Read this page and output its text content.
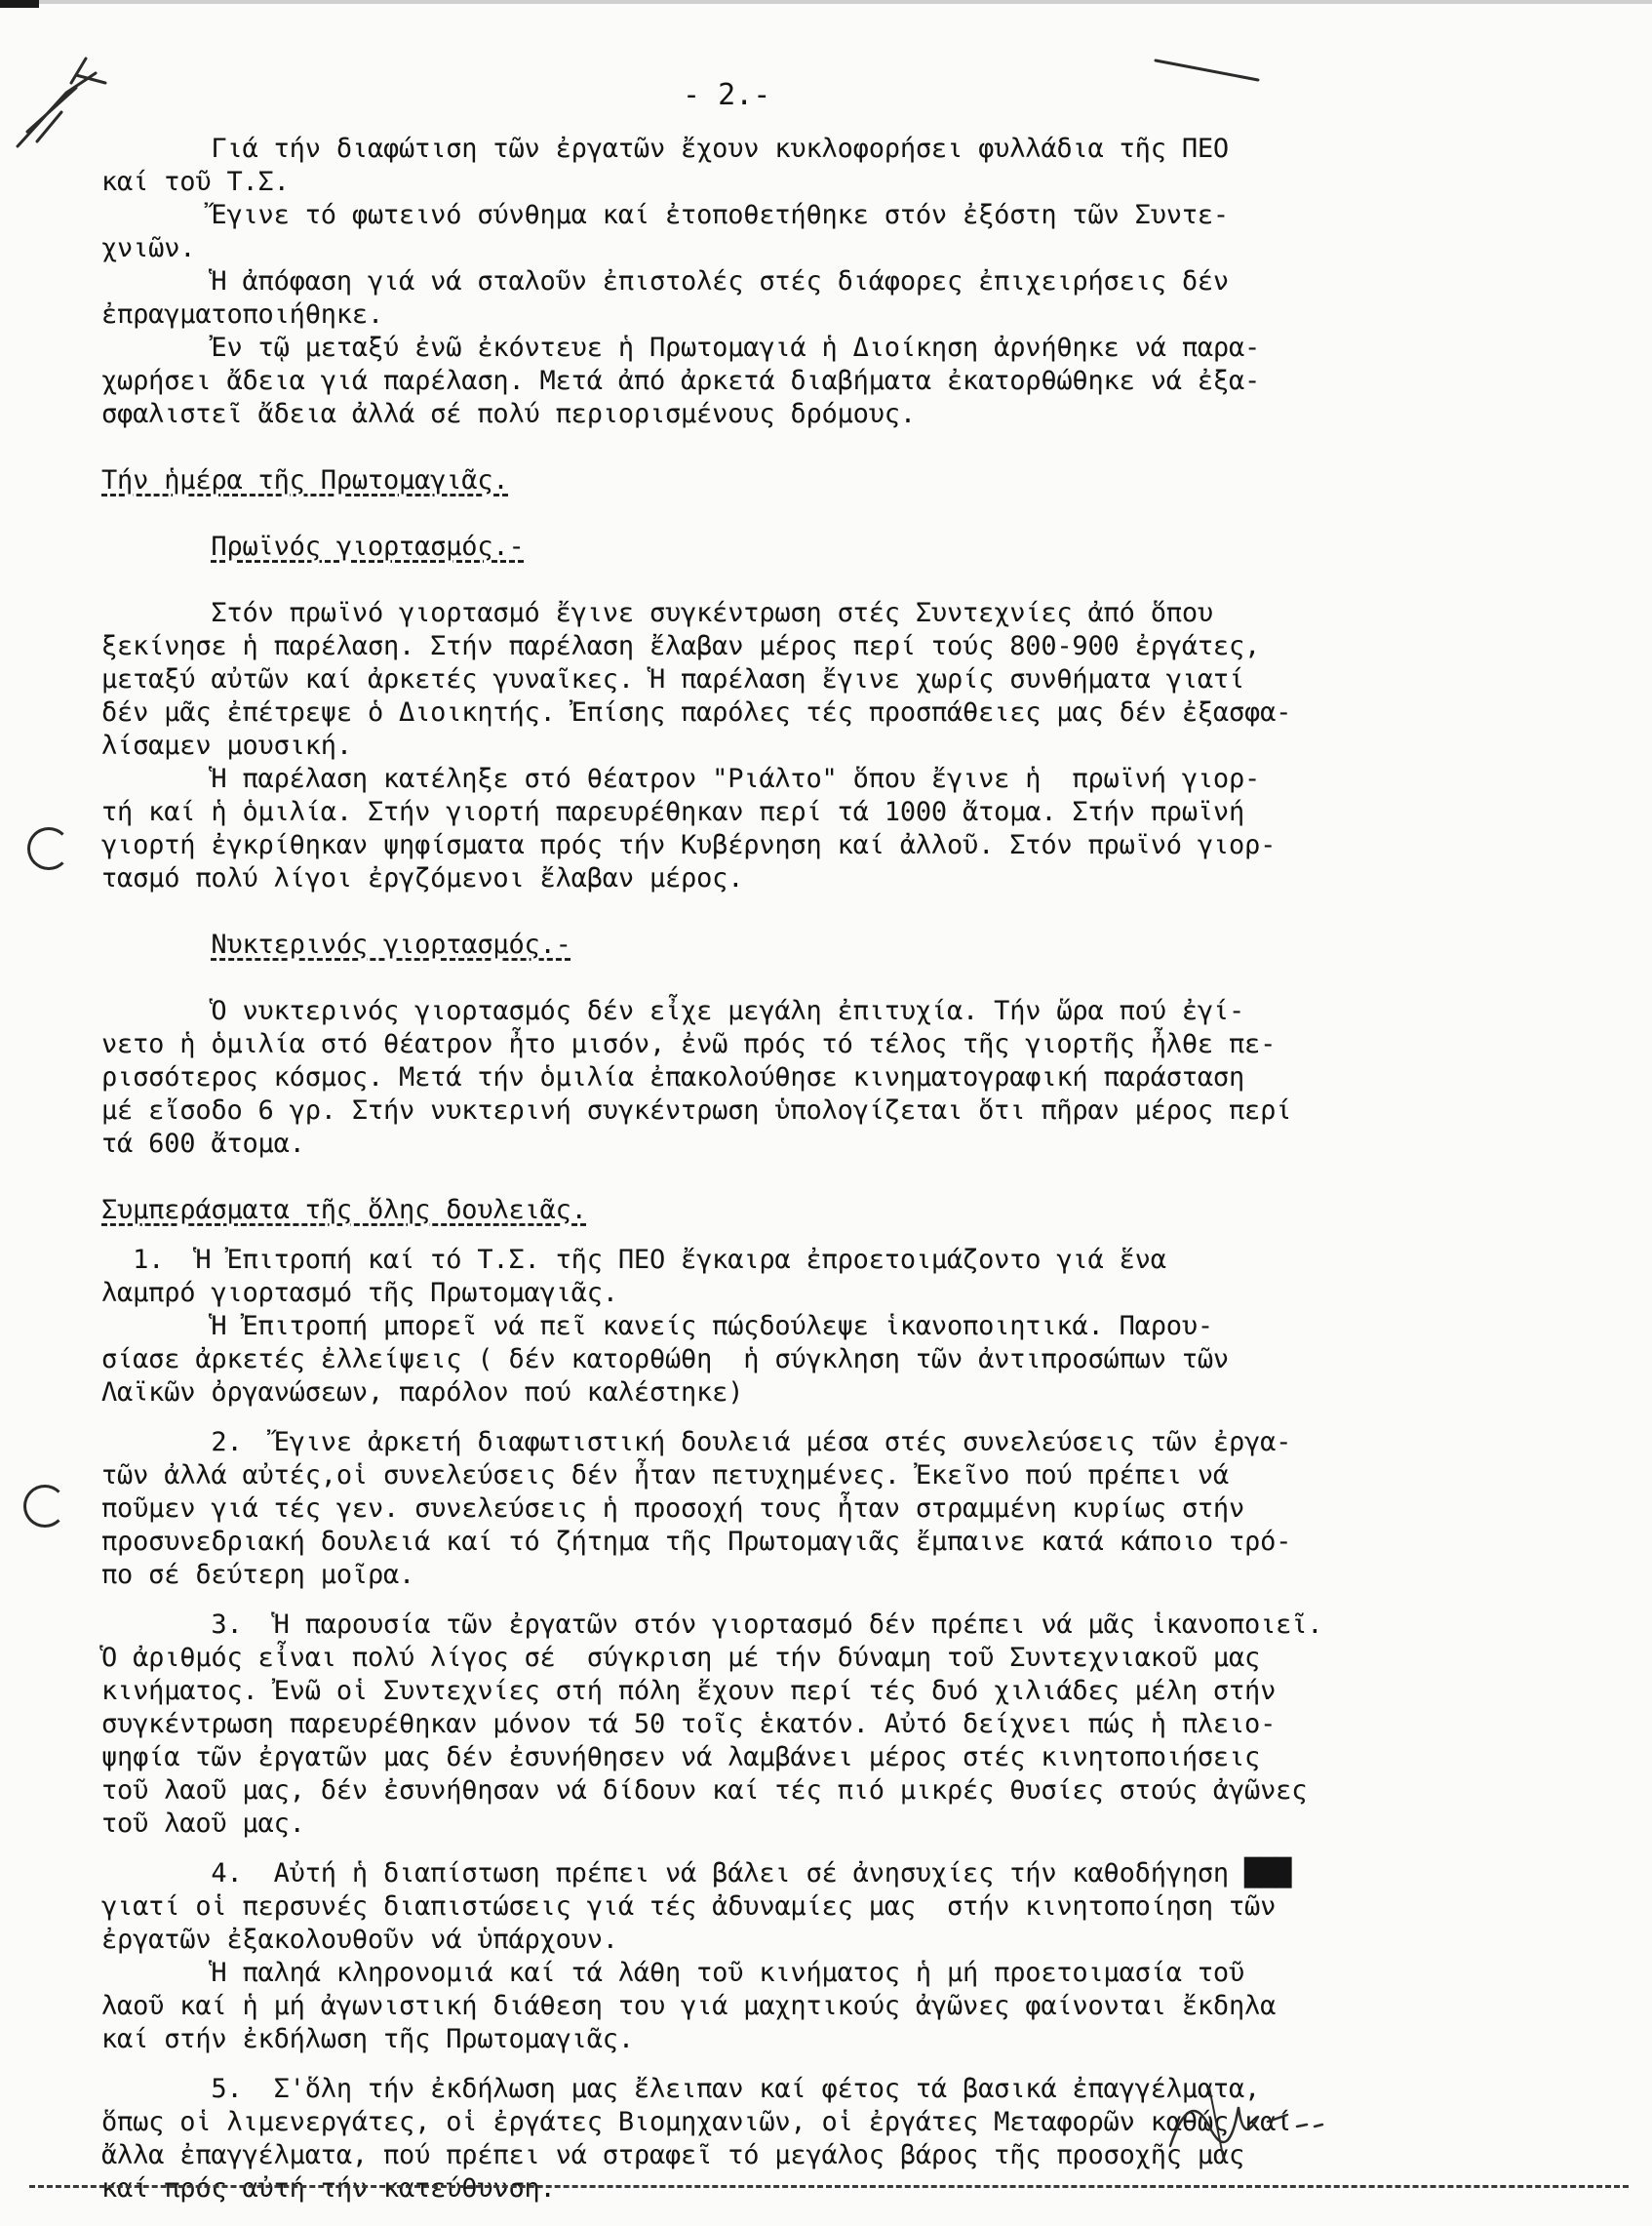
- 2.-
Γιά τήν διαφώτιση τῶν ἐργατῶν ἔχουν κυκλοφορήσει φυλλάδια τῆς ΠΕΟ
καί τοῦ Τ.Σ.
Ἔγινε τό φωτεινό σύνθημα καί ἐτοποθετήθηκε στόν ἐξόστη τῶν Συντε-
χνιῶν.
Ἡ ἀπόφαση γιά νά σταλοῦν ἐπιστολές στές διάφορες ἐπιχειρήσεις δέν
ἐπραγματοποιήθηκε.
Ἐν τῷ μεταξύ ἐνῶ ἐκόντευε ἡ Πρωτομαγιά ἡ Διοίκηση ἀρνήθηκε νά παρα-
χωρήσει ἄδεια γιά παρέλαση. Μετά ἀπό ἀρκετά διαβήματα ἐκατορθώθηκε νά ἐξα-
σφαλιστεῖ ἄδεια ἀλλά σέ πολύ περιορισμένους δρόμους.
Τήν ἡμέρα τῆς Πρωτομαγιᾶς.
Πρωϊνός γιορτασμός.-
Στόν πρωϊνό γιορτασμό ἔγινε συγκέντρωση στές Συντεχνίες ἀπό ὅπου
ξεκίνησε ἡ παρέλαση. Στήν παρέλαση ἔλαβαν μέρος περί τούς 800-900 ἐργάτες,
μεταξύ αὐτῶν καί ἀρκετές γυναῖκες. Ἡ παρέλαση ἔγινε χωρίς συνθήματα γιατί
δέν μᾶς ἐπέτρεψε ὁ Διοικητής. Ἐπίσης παρόλες τές προσπάθειες μας δέν ἐξασφα-
λίσαμεν μουσική.
Ἡ παρέλαση κατέληξε στό θέατρον "Ριάλτο" ὅπου ἔγινε ἡ  πρωϊνή γιορ-
τή καί ἡ ὁμιλία. Στήν γιορτή παρευρέθηκαν περί τά 1000 ἄτομα. Στήν πρωϊνή
γιορτή ἐγκρίθηκαν ψηφίσματα πρός τήν Κυβέρνηση καί ἀλλοῦ. Στόν πρωϊνό γιορ-
τασμό πολύ λίγοι ἐργζόμενοι ἔλαβαν μέρος.
Νυκτερινός γιορτασμός.-
Ὁ νυκτερινός γιορτασμός δέν εἶχε μεγάλη ἐπιτυχία. Τήν ὥρα πού ἐγί-
νετο ἡ ὁμιλία στό θέατρον ἦτο μισόν, ἐνῶ πρός τό τέλος τῆς γιορτῆς ἦλθε πε-
ρισσότερος κόσμος. Μετά τήν ὁμιλία ἐπακολούθησε κινηματογραφική παράσταση
μέ εἴσοδο 6 γρ. Στήν νυκτερινή συγκέντρωση ὑπολογίζεται ὅτι πῆραν μέρος περί
τά 600 ἄτομα.
Συμπεράσματα τῆς ὅλης δουλειᾶς.
1.  Ἡ Ἐπιτροπή καί τό Τ.Σ. τῆς ΠΕΟ ἔγκαιρα ἐπροετοιμάζοντο γιά ἕνα
λαμπρό γιορτασμό τῆς Πρωτομαγιᾶς.
Ἡ Ἐπιτροπή μπορεῖ νά πεῖ κανείς πώςδούλεψε ἱκανοποιητικά. Παρου-
σίασε ἀρκετές ἐλλείψεις ( δέν κατορθώθη  ἡ σύγκληση τῶν ἀντιπροσώπων τῶν
Λαϊκῶν ὀργανώσεων, παρόλον πού καλέστηκε)
2.  Ἔγινε ἀρκετή διαφωτιστική δουλειά μέσα στές συνελεύσεις τῶν ἐργα-
τῶν ἀλλά αὐτές,οἱ συνελεύσεις δέν ἦταν πετυχημένες. Ἐκεῖνο πού πρέπει νά
ποῦμεν γιά τές γεν. συνελεύσεις ἡ προσοχή τους ἦταν στραμμένη κυρίως στήν
προσυνεδριακή δουλειά καί τό ζήτημα τῆς Πρωτομαγιᾶς ἔμπαινε κατά κάποιο τρό-
πο σέ δεύτερη μοῖρα.
3.  Ἡ παρουσία τῶν ἐργατῶν στόν γιορτασμό δέν πρέπει νά μᾶς ἱκανοποιεῖ.
Ὁ ἀριθμός εἶναι πολύ λίγος σέ  σύγκριση μέ τήν δύναμη τοῦ Συντεχνιακοῦ μας
κινήματος. Ἐνῶ οἱ Συντεχνίες στή πόλη ἔχουν περί τές δυό χιλιάδες μέλη στήν
συγκέντρωση παρευρέθηκαν μόνον τά 50 τοῖς ἑκατόν. Αὐτό δείχνει πώς ἡ πλειο-
ψηφία τῶν ἐργατῶν μας δέν ἐσυνήθησεν νά λαμβάνει μέρος στές κινητοποιήσεις
τοῦ λαοῦ μας, δέν ἐσυνήθησαν νά δίδουν καί τές πιό μικρές θυσίες στούς ἀγῶνες
τοῦ λαοῦ μας.
4.  Αὐτή ἡ διαπίστωση πρέπει νά βάλει σέ ἀνησυχίες τήν καθοδήγηση ███
γιατί οἱ περσυνές διαπιστώσεις γιά τές ἀδυναμίες μας  στήν κινητοποίηση τῶν
ἐργατῶν ἐξακολουθοῦν νά ὑπάρχουν.
Ἡ παληά κληρονομιά καί τά λάθη τοῦ κινήματος ἡ μή προετοιμασία τοῦ
λαοῦ καί ἡ μή ἀγωνιστική διάθεση του γιά μαχητικούς ἀγῶνες φαίνονται ἔκδηλα
καί στήν ἐκδήλωση τῆς Πρωτομαγιᾶς.
5.  Σ'ὅλη τήν ἐκδήλωση μας ἔλειπαν καί φέτος τά βασικά ἐπαγγέλματα,
ὅπως οἱ λιμενεργάτες, οἱ ἐργάτες Βιομηχανιῶν, οἱ ἐργάτες Μεταφορῶν καθώς καί
ἄλλα ἐπαγγέλματα, πού πρέπει νά στραφεῖ τό μεγάλος βάρος τῆς προσοχῆς μας
καί πρός αὐτή τήν κατεύθυνση.
